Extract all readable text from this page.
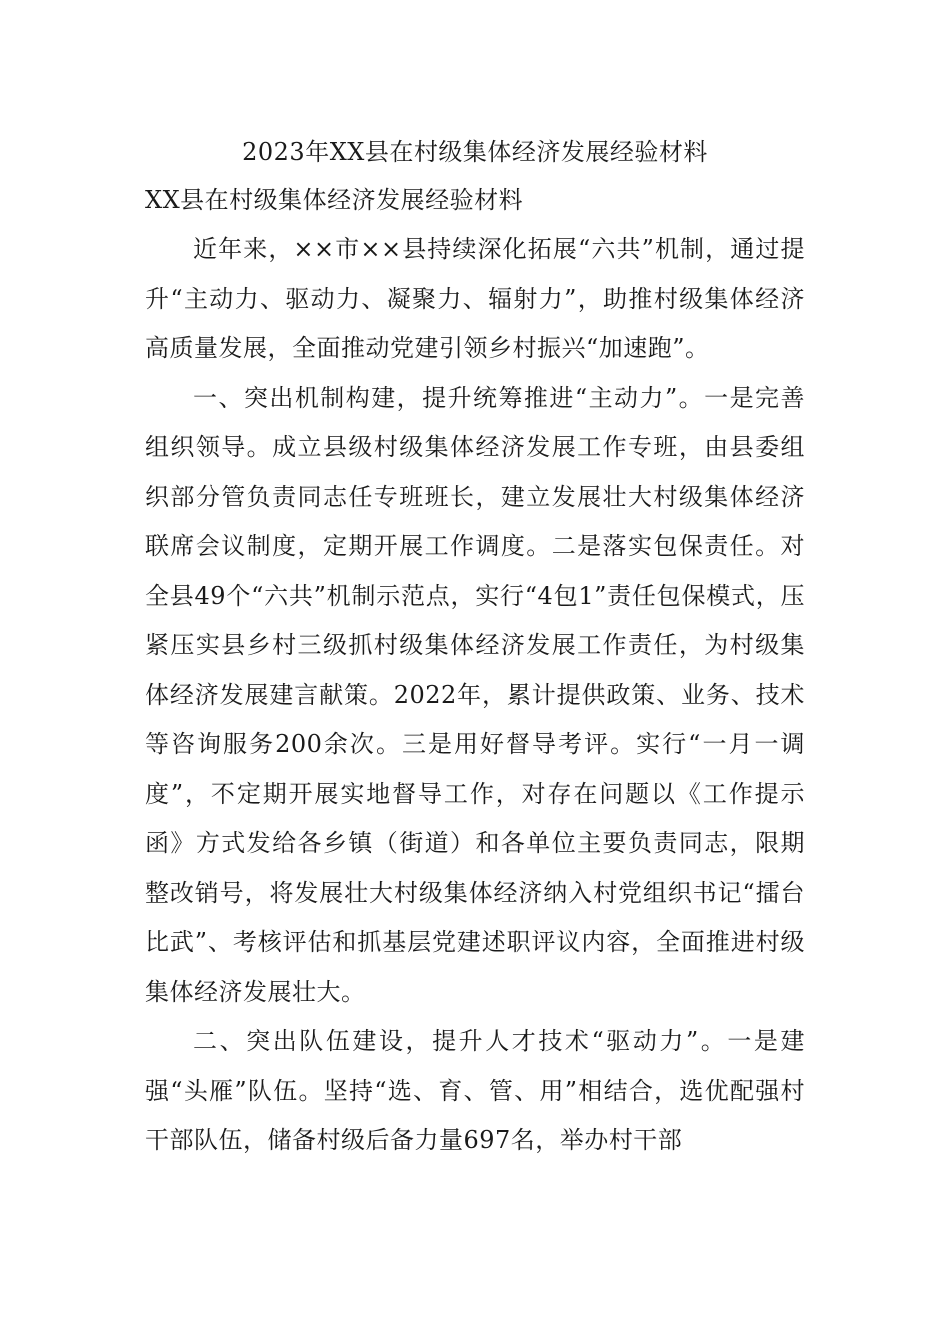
2023年XX县在村级集体经济发展经验材料
XX县在村级集体经济发展经验材料

近年来，××市××县持续深化拓展“六共”机制，通过提升“主动力、驱动力、凝聚力、辐射力”，助推村级集体经济高质量发展，全面推动党建引领乡村振兴“加速跑”。

一、突出机制构建，提升统筹推进“主动力”。一是完善组织领导。成立县级村级集体经济发展工作专班，由县委组织部分管负责同志任专班班长，建立发展壮大村级集体经济联席会议制度，定期开展工作调度。二是落实包保责任。对全县49个“六共”机制示范点，实行“4包1”责任包保模式，压紧压实县乡村三级抓村级集体经济发展工作责任，为村级集体经济发展建言献策。2022年，累计提供政策、业务、技术等咨询服务200余次。三是用好督导考评。实行“一月一调度”，不定期开展实地督导工作，对存在问题以《工作提示函》方式发给各乡镇（街道）和各单位主要负责同志，限期整改销号，将发展壮大村级集体经济纳入村党组织书记“擂台比武”、考核评估和抓基层党建述职评议内容，全面推进村级集体经济发展壮大。

二、突出队伍建设，提升人才技术“驱动力”。一是建强“头雁”队伍。坚持“选、育、管、用”相结合，选优配强村干部队伍，储备村级后备力量697名，举办村干部
